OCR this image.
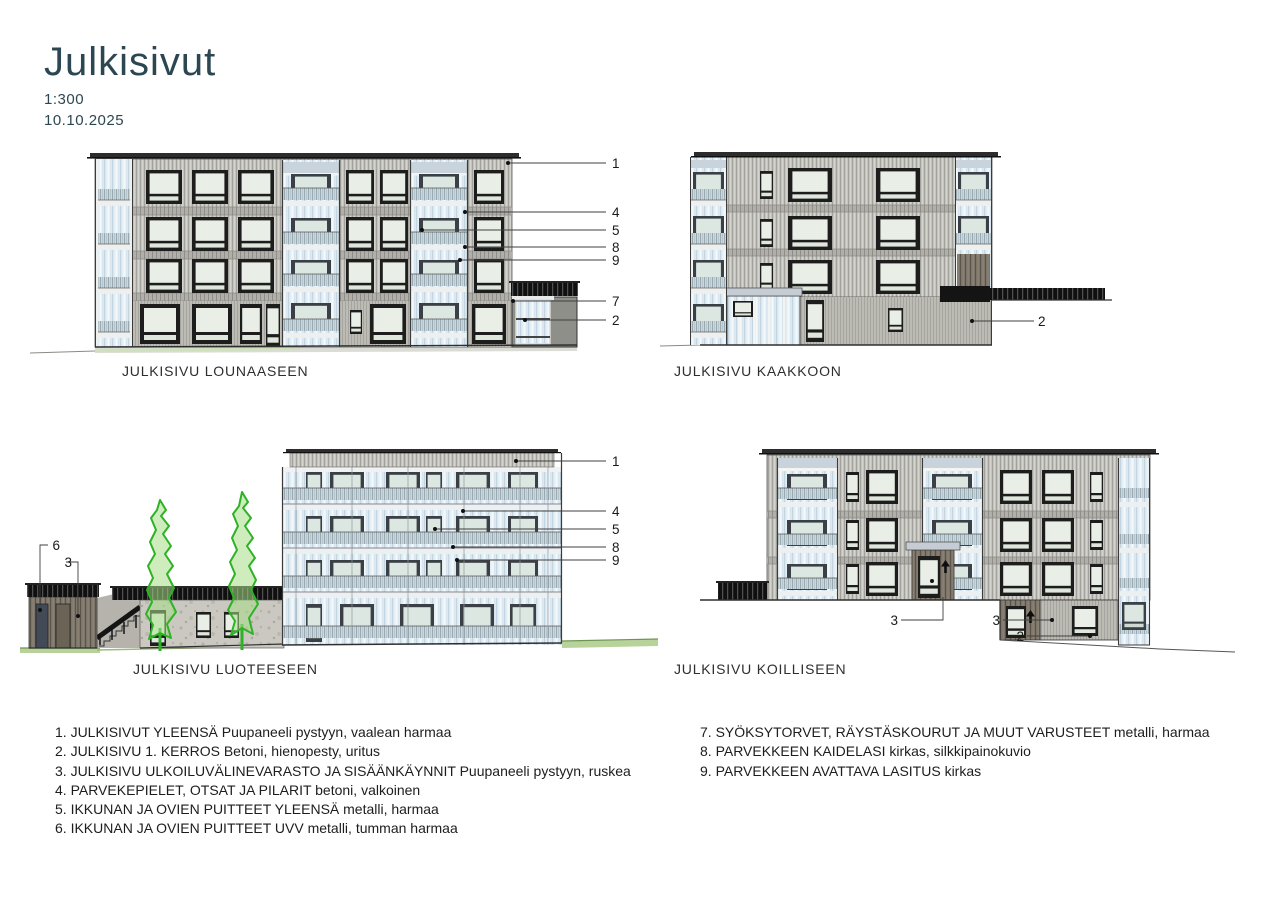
Julkisivut
1:300
10.10.2025
1
4
5
8
9
7
2	2
6
3
1
4
5
8
9
3	3
2
JULKISIVU LOUNAASEEN	JULKISIVU KAAKKOON
JULKISIVU LUOTEESEEN	JULKISIVU KOILLISEEN
1. JULKISIVUT YLEENSÄ Puupaneeli pystyyn, vaalean harmaa
2. JULKISIVU 1. KERROS Betoni, hienopesty, uritus
3. JULKISIVU ULKOILUVÄLINEVARASTO JA SISÄÄNKÄYNNIT Puupaneeli pystyyn, ruskea
4. PARVEKEPIELET, OTSAT JA PILARIT betoni, valkoinen
5. IKKUNAN JA OVIEN PUITTEET YLEENSÄ metalli, harmaa
6. IKKUNAN JA OVIEN PUITTEET UVV metalli, tumman harmaa
7. SYÖKSYTORVET, RÄYSTÄSKOURUT JA MUUT VARUSTEET metalli, harmaa
8. PARVEKKEEN KAIDELASI kirkas, silkkipainokuvio
9. PARVEKKEEN AVATTAVA LASITUS kirkas
